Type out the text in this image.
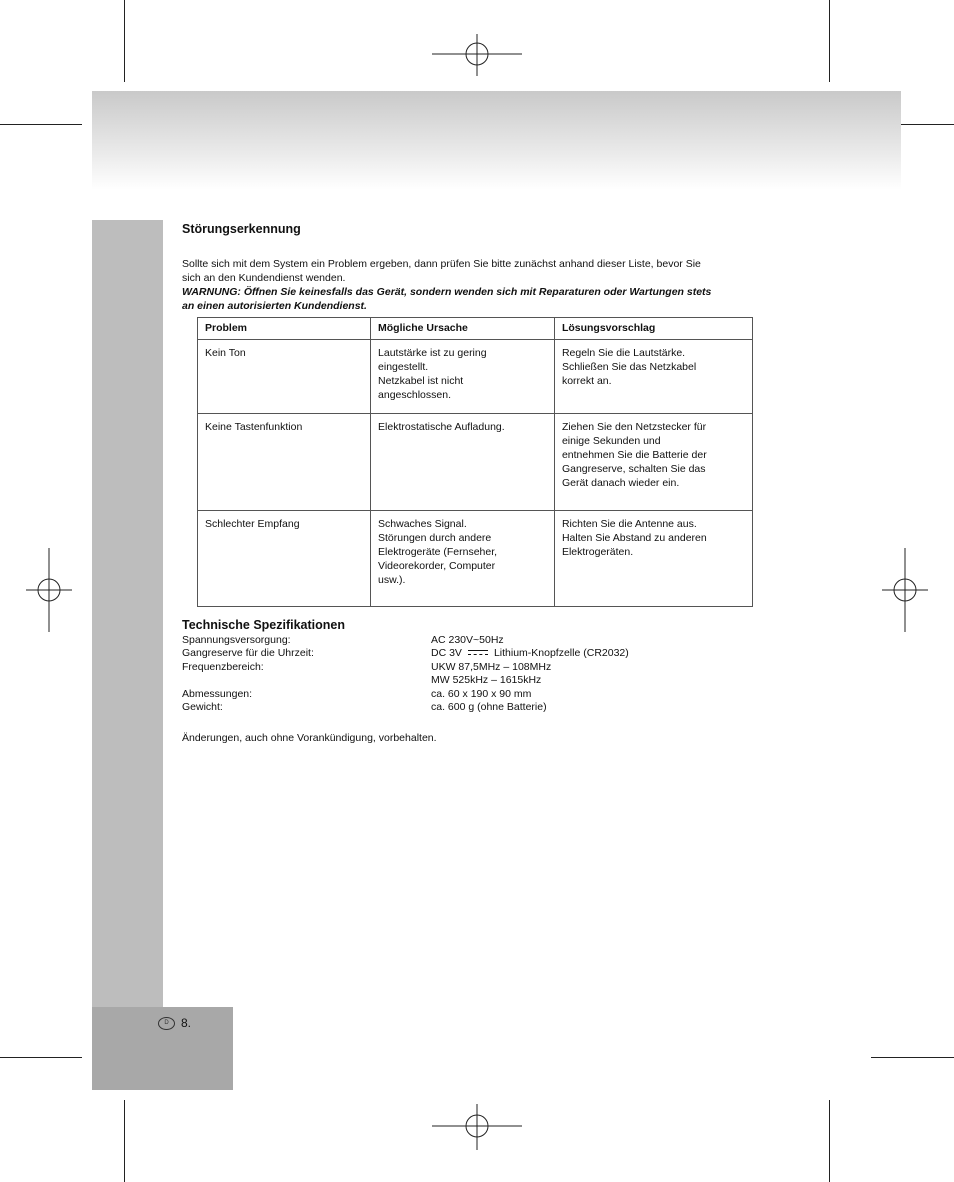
D	8.
Störungserkennung

Sollte sich mit dem System ein Problem ergeben, dann prüfen Sie bitte zunächst anhand dieser Liste, bevor Sie

sich an den Kundendienst wenden.

WARNUNG: Öffnen Sie keinesfalls das Gerät, sondern wenden sich mit Reparaturen oder Wartungen stets

an einen autorisierten Kundendienst.

Problem	Mögliche Ursache	Lösungsvorschlag

Kein Ton	Lautstärke ist zu gering
eingestellt.
Netzkabel ist nicht
angeschlossen.	Regeln Sie die Lautstärke.
Schließen Sie das Netzkabel
korrekt an.

Keine Tastenfunktion	Elektrostatische Aufladung.	Ziehen Sie den Netzstecker für
einige Sekunden und
entnehmen Sie die Batterie der
Gangreserve, schalten Sie das
Gerät danach wieder ein.

Schlechter Empfang	Schwaches Signal.
Störungen durch andere
Elektrogeräte (Fernseher,
Videorekorder, Computer
usw.).	Richten Sie die Antenne aus.
Halten Sie Abstand zu anderen
Elektrogeräten.
Technische Spezifikationen
Spannungsversorgung:	AC 230V~50Hz
Gangreserve für die Uhrzeit:	DC 3V	Lithium-Knopfzelle (CR2032)
Frequenzbereich:	UKW 87,5MHz – 108MHz
MW 525kHz – 1615kHz
Abmessungen:	ca. 60 x 190 x 90 mm
Gewicht:	ca. 600 g (ohne Batterie)
Änderungen, auch ohne Vorankündigung, vorbehalten.
